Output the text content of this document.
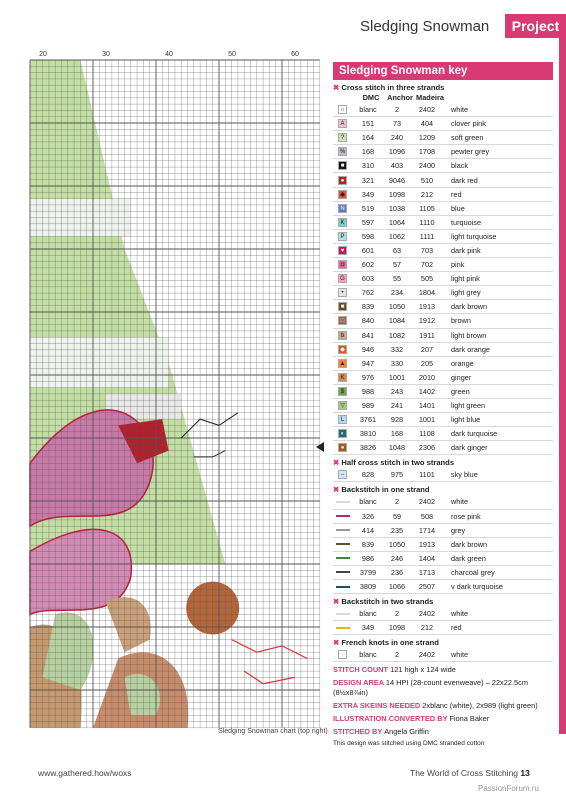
Sledging Snowman	Project
20	30	40	50	60
Sledging Snowman chart (top right)
Sledging Snowman key
✖ Cross stitch in three strands
DMC	Anchor Madeira
∩	blanc	2	2402	white
A	151	73	404	clover pink
?	164	240	1209	soft green
%	168	1096	1708	pewter grey
■	310	403	2400	black
●	321	9046	510	dark red
◆	349	1098	212	red
N	519	1038	1105	blue
K	597	1064	1110	turquoise
P	598	1062	1111	light turquoise
♥	601	63	703	dark pink
◘	602	57	702	pink
G	603	55	505	light pink
•	762	234	1804	light grey
■	839	1050	1913	dark brown
□	840	1084	1912	brown
b	841	1082	1911	light brown
◆	946	332	207	dark orange
▲	947	330	205	orange
K	976	1001	2010	ginger
$	988	243	1402	green
▽	989	241	1401	light green
L	3761	928	1001	light blue
◐	3810	168	1108	dark turquoise
●	3826	1048	2306	dark ginger
✖ Half cross stitch in two strands
–	828	975	1101	sky blue
✖ Backstitch in one strand
blanc	2	2402	white
326	59	508	rose pink
414	235	1714	grey
839	1050	1913	dark brown
986	246	1404	dark green
3799	236	1713	charcoal grey
3809	1066	2507	v dark turquoise
✖ Backstitch in two strands
blanc	2	2402	white
349	1098	212	red
✖ French knots in one strand
·	blanc	2	2402	white
STITCH COUNT 121 high x 124 wide
DESIGN AREA 14 HPI (28-count evenweave) – 22x22.5cm (8½x8⅞in)
EXTRA SKEINS NEEDED 2xblanc (white), 2x989 (light green)
ILLUSTRATION CONVERTED BY Fiona Baker
STITCHED BY Angela Griffin
This design was stitched using DMC stranded cotton
www.gathered.how/woxs	The World of Cross Stitching 13
PassionForum.ru
